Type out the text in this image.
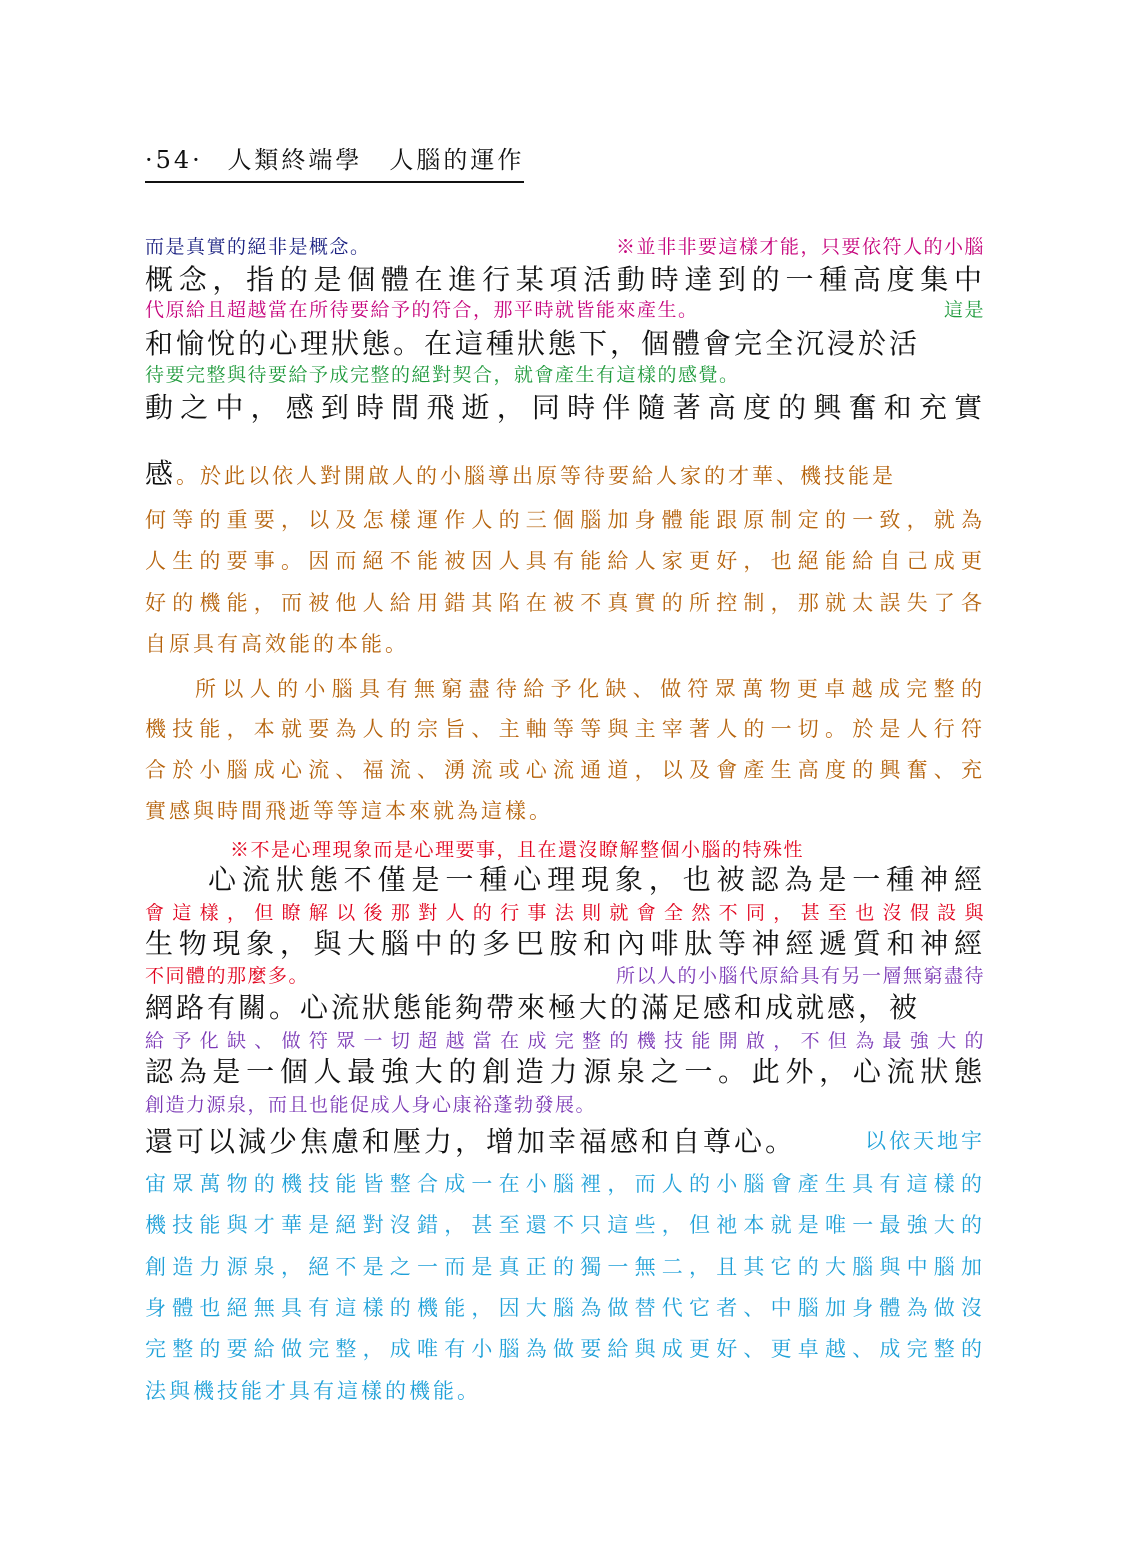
·54· 人類終端學　人腦的運作
而是真實的絕非是概念。	※並非非要這樣才能，只要依符人的小腦
概念，指的是個體在進行某項活動時達到的一種高度集中
代原給且超越當在所待要給予的符合，那平時就皆能來產生。	這是
和愉悅的心理狀態。在這種狀態下，個體會完全沉浸於活
待要完整與待要給予成完整的絕對契合，就會產生有這樣的感覺。
動之中，感到時間飛逝，同時伴隨著高度的興奮和充實
感。於此以依人對開啟人的小腦導出原等待要給人家的才華、機技能是
何等的重要，以及怎樣運作人的三個腦加身體能跟原制定的一致，就為
人生的要事。因而絕不能被因人具有能給人家更好，也絕能給自己成更
好的機能，而被他人給用錯其陷在被不真實的所控制，那就太誤失了各
自原具有高效能的本能。
所以人的小腦具有無窮盡待給予化缺、做符眾萬物更卓越成完整的
機技能，本就要為人的宗旨、主軸等等與主宰著人的一切。於是人行符
合於小腦成心流、福流、湧流或心流通道，以及會產生高度的興奮、充
實感與時間飛逝等等這本來就為這樣。
※不是心理現象而是心理要事，且在還沒瞭解整個小腦的特殊性
心流狀態不僅是一種心理現象，也被認為是一種神經
會這樣，但瞭解以後那對人的行事法則就會全然不同，甚至也沒假設與
生物現象，與大腦中的多巴胺和內啡肽等神經遞質和神經
不同體的那麼多。	所以人的小腦代原給具有另一層無窮盡待
網路有關。心流狀態能夠帶來極大的滿足感和成就感，被
給予化缺、做符眾一切超越當在成完整的機技能開啟，不但為最強大的
認為是一個人最強大的創造力源泉之一。此外，心流狀態
創造力源泉，而且也能促成人身心康裕蓬勃發展。
還可以減少焦慮和壓力，增加幸福感和自尊心。	以依天地宇
宙眾萬物的機技能皆整合成一在小腦裡，而人的小腦會產生具有這樣的
機技能與才華是絕對沒錯，甚至還不只這些，但祂本就是唯一最強大的
創造力源泉，絕不是之一而是真正的獨一無二，且其它的大腦與中腦加
身體也絕無具有這樣的機能，因大腦為做替代它者、中腦加身體為做沒
完整的要給做完整，成唯有小腦為做要給與成更好、更卓越、成完整的
法與機技能才具有這樣的機能。
